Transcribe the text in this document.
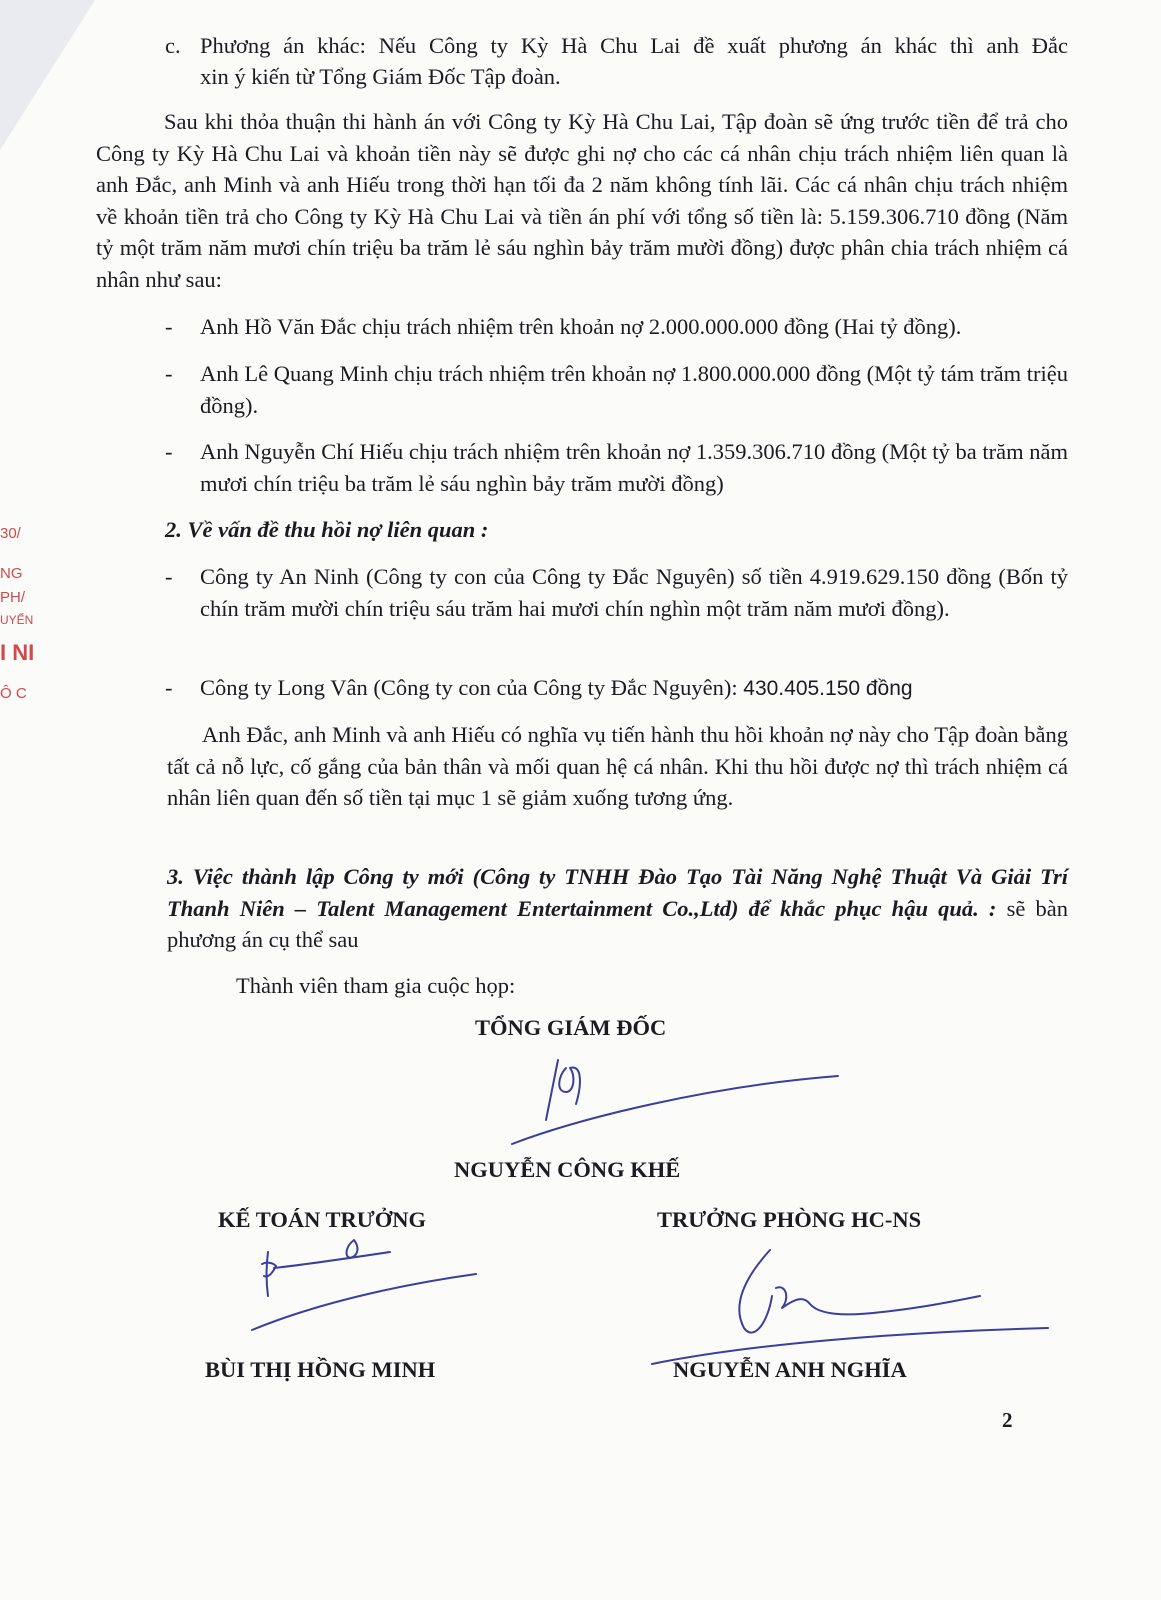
30/
NG
PH/
UYỂN
I NI
Ô C
c. Phương án khác: Nếu Công ty Kỳ Hà Chu Lai đề xuất phương án khác thì anh Đắc
xin ý kiến từ Tổng Giám Đốc Tập đoàn.
Sau khi thỏa thuận thi hành án với Công ty Kỳ Hà Chu Lai, Tập đoàn sẽ ứng trước tiền để trả cho Công ty Kỳ Hà Chu Lai và khoản tiền này sẽ được ghi nợ cho các cá nhân chịu trách nhiệm liên quan là anh Đắc, anh Minh và anh Hiếu trong thời hạn tối đa 2 năm không tính lãi. Các cá nhân chịu trách nhiệm về khoản tiền trả cho Công ty Kỳ Hà Chu Lai và tiền án phí với tổng số tiền là: 5.159.306.710 đồng (Năm tỷ một trăm năm mươi chín triệu ba trăm lẻ sáu nghìn bảy trăm mười đồng) được phân chia trách nhiệm cá nhân như sau:
- Anh Hồ Văn Đắc chịu trách nhiệm trên khoản nợ 2.000.000.000 đồng (Hai tỷ đồng).
- Anh Lê Quang Minh chịu trách nhiệm trên khoản nợ 1.800.000.000 đồng (Một tỷ tám trăm triệu đồng).
- Anh Nguyễn Chí Hiếu chịu trách nhiệm trên khoản nợ 1.359.306.710 đồng (Một tỷ ba trăm năm mươi chín triệu ba trăm lẻ sáu nghìn bảy trăm mười đồng)
2. Về vấn đề thu hồi nợ liên quan :
- Công ty An Ninh (Công ty con của Công ty Đắc Nguyên) số tiền 4.919.629.150 đồng (Bốn tỷ chín trăm mười chín triệu sáu trăm hai mươi chín nghìn một trăm năm mươi đồng).
- Công ty Long Vân (Công ty con của Công ty Đắc Nguyên): 430.405.150 đồng
Anh Đắc, anh Minh và anh Hiếu có nghĩa vụ tiến hành thu hồi khoản nợ này cho Tập đoàn bằng tất cả nỗ lực, cố gắng của bản thân và mối quan hệ cá nhân. Khi thu hồi được nợ thì trách nhiệm cá nhân liên quan đến số tiền tại mục 1 sẽ giảm xuống tương ứng.
3. Việc thành lập Công ty mới (Công ty TNHH Đào Tạo Tài Năng Nghệ Thuật Và Giải Trí Thanh Niên – Talent Management Entertainment Co.,Ltd) để khắc phục hậu quả. : sẽ bàn phương án cụ thể sau
Thành viên tham gia cuộc họp:
TỔNG GIÁM ĐỐC
NGUYỄN CÔNG KHẾ
KẾ TOÁN TRƯỞNG
BÙI THỊ HỒNG MINH
TRƯỞNG PHÒNG HC-NS
NGUYỄN ANH NGHĨA
2
